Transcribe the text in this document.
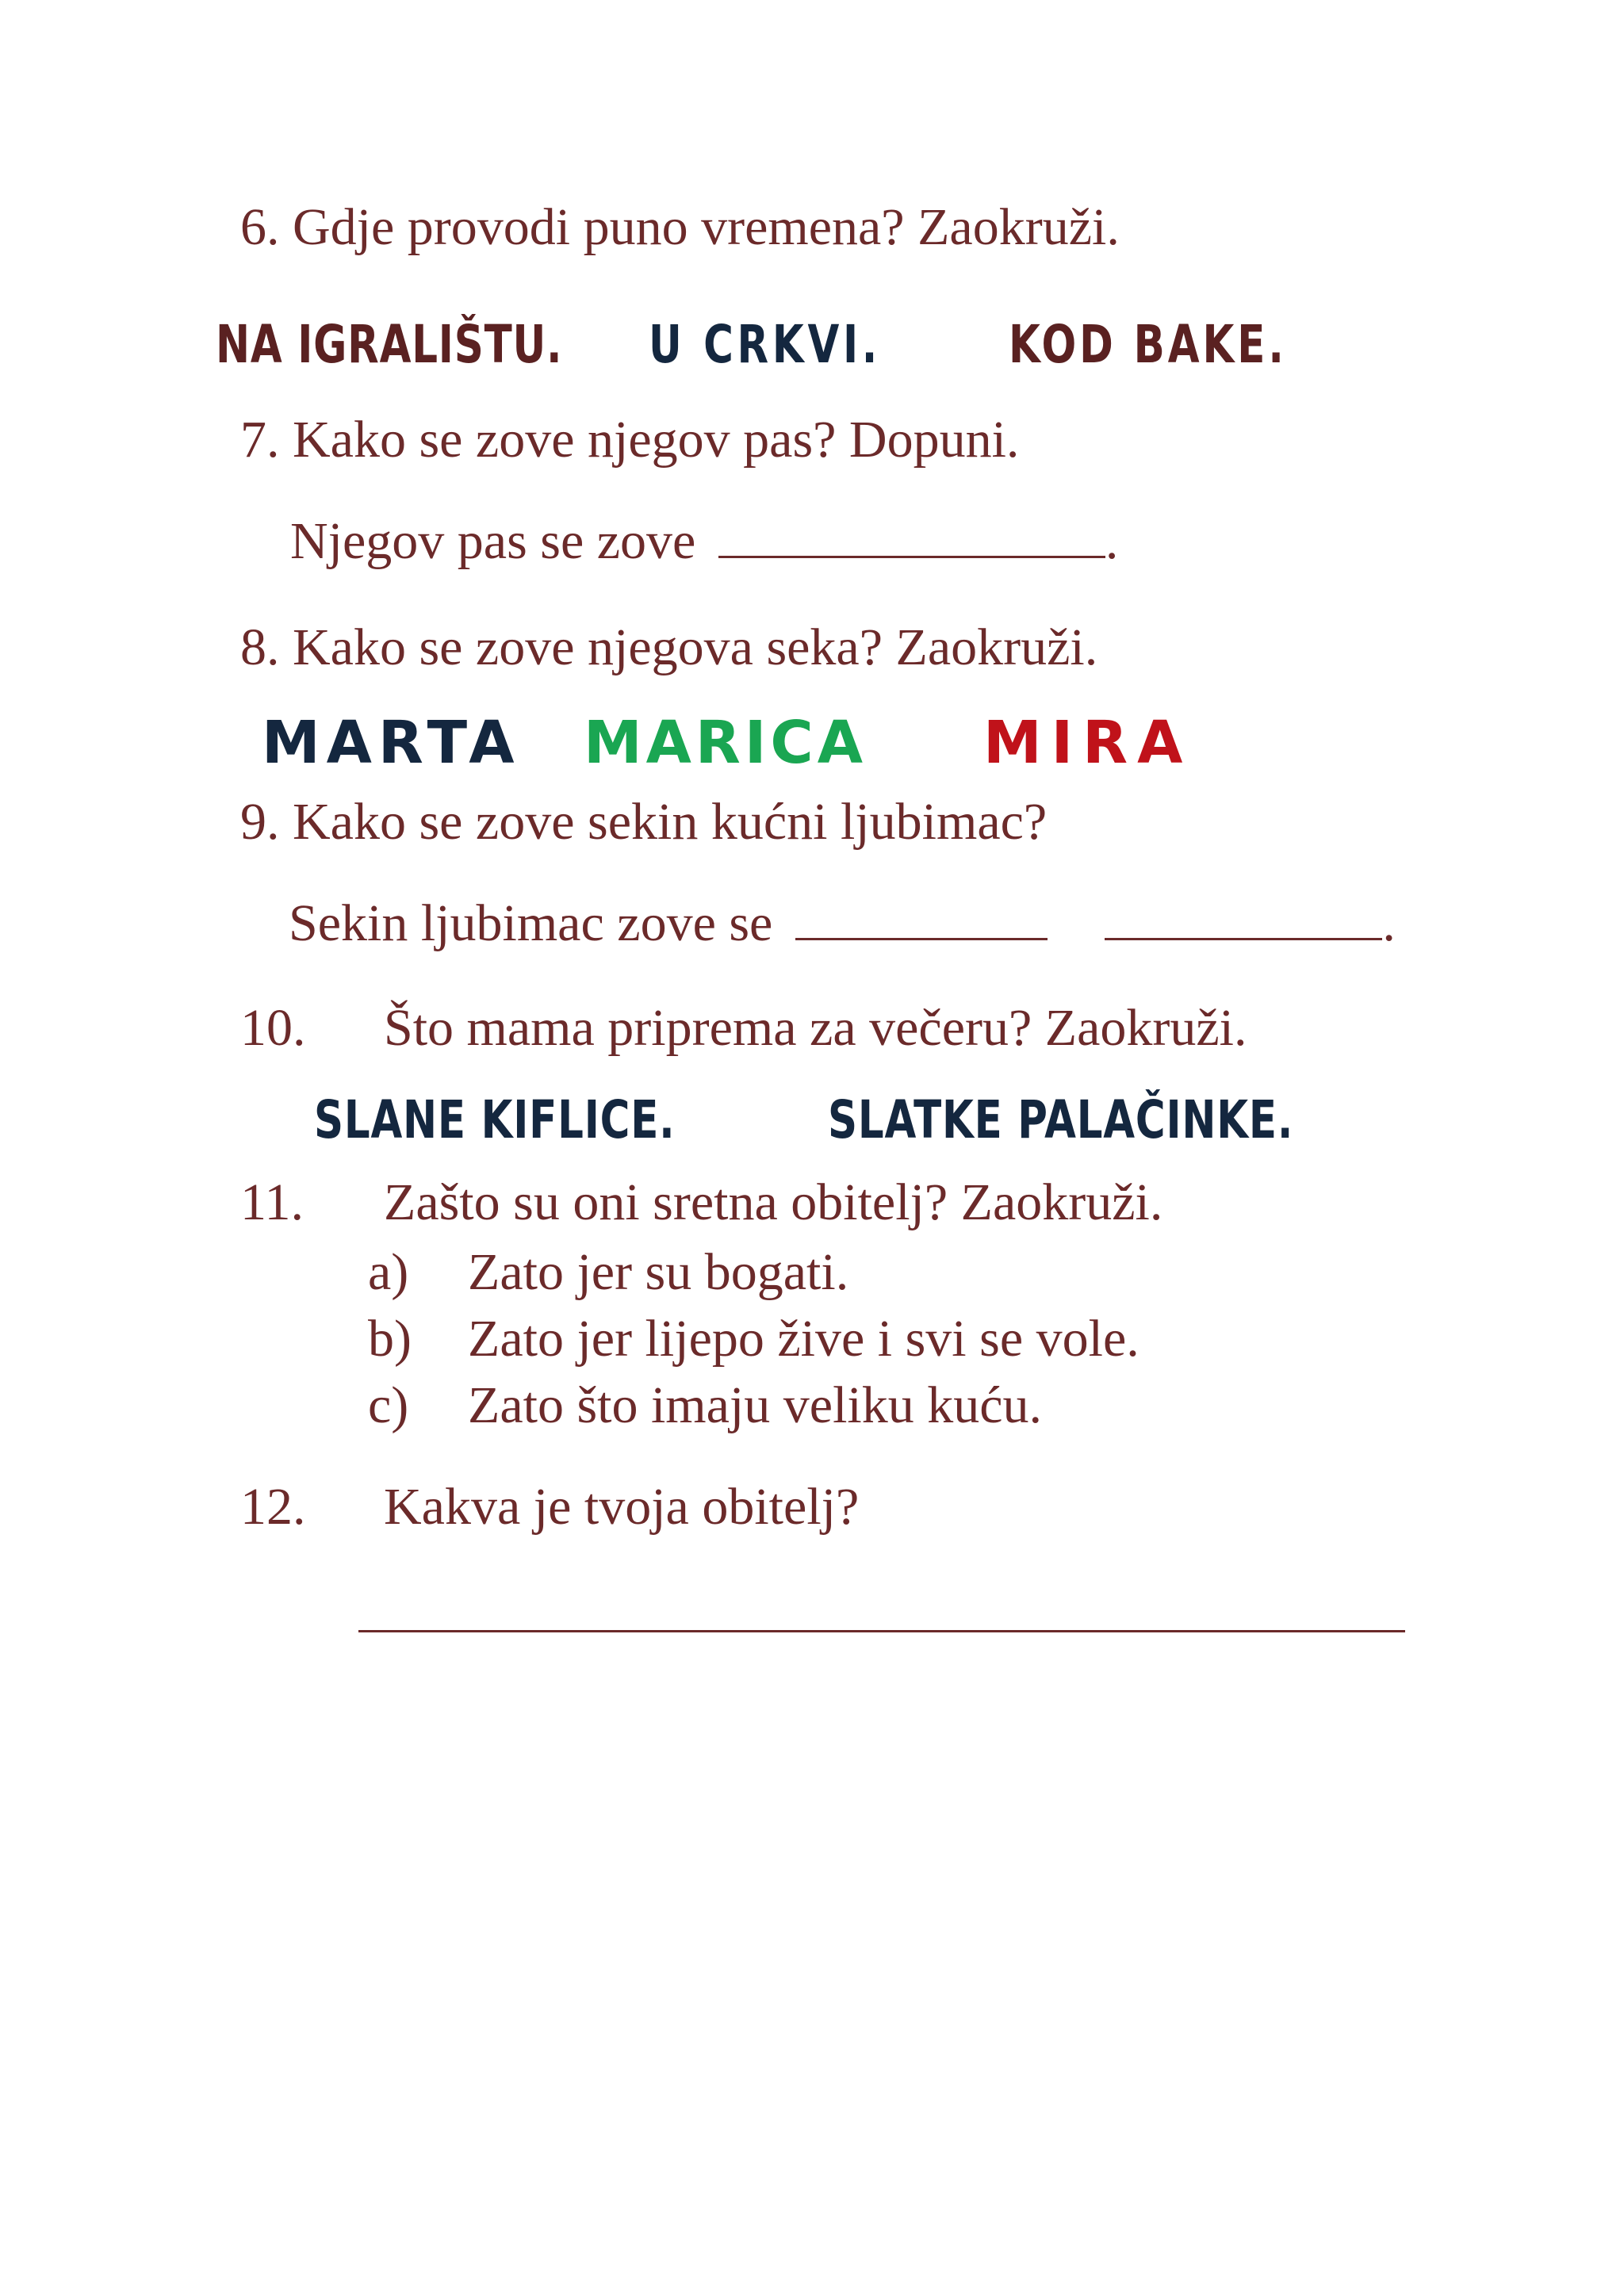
6. Gdje provodi puno vremena? Zaokruži.
NA IGRALIŠTU. U CRKVI. KOD BAKE.
7. Kako se zove njegov pas? Dopuni.
Njegov pas se zove	.
8. Kako se zove njegova seka? Zaokruži.
MARTA MARICA MIRA
9. Kako se zove sekin kućni ljubimac?
Sekin ljubimac zove se	.
10. Što mama priprema za večeru? Zaokruži.
SLANE KIFLICE.	SLATKE PALAČINKE.
11. Zašto su oni sretna obitelj? Zaokruži.
a) Zato jer su bogati.
b) Zato jer lijepo žive i svi se vole.
c) Zato što imaju veliku kuću.
12. Kakva je tvoja obitelj?
